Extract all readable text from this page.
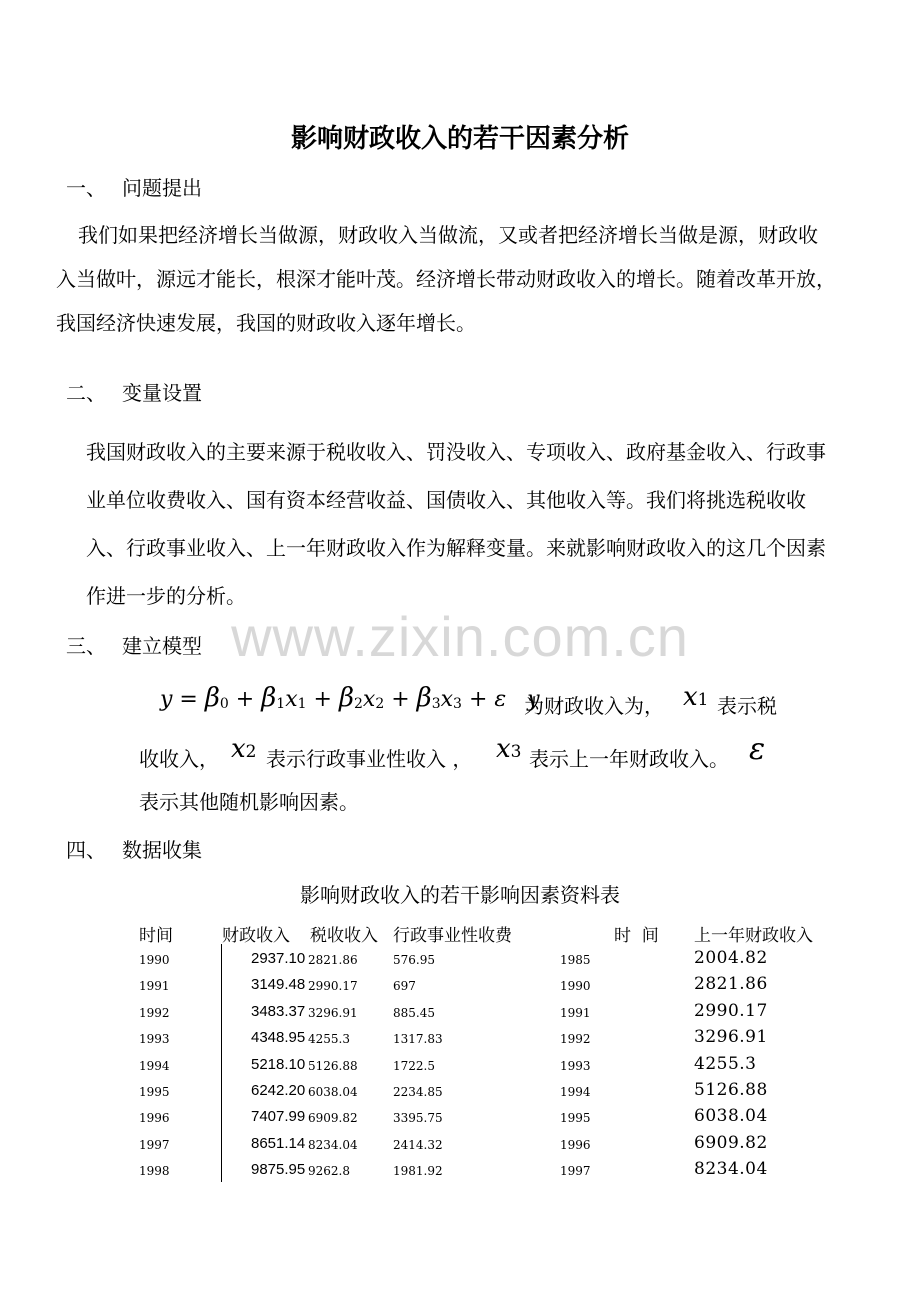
www.zixin.com.cn
影响财政收入的若干因素分析
一、 问题提出
我们如果把经济增长当做源，财政收入当做流，又或者把经济增长当做是源，财政收入当做叶，源远才能长，根深才能叶茂。经济增长带动财政收入的增长。随着改革开放，我国经济快速发展，我国的财政收入逐年增长。
二、 变量设置
我国财政收入的主要来源于税收收入、罚没收入、专项收入、政府基金收入、行政事业单位收费收入、国有资本经营收益、国债收入、其他收入等。我们将挑选税收收入、行政事业收入、上一年财政收入作为解释变量。来就影响财政收入的这几个因素作进一步的分析。
三、 建立模型
$y = \beta_0 + \beta_1x_1 + \beta_2x_2 + \beta_3x_3 + \varepsilon$   y
为财政收入为， x1 表示税
收收入， x2 表示行政事业性收入 ， x3 表示上一年财政收入。 ε
表示其他随机影响因素。
四、 数据收集
影响财政收入的若干影响因素资料表
时间	财政收入 税收收入 行政事业性收费	时  间 上一年财政收入
1990	2937.10 2821.86	576.95	1985	2004.82
1991	3149.48 2990.17	697	1990	2821.86
1992	3483.37 3296.91	885.45	1991	2990.17
1993	4348.95 4255.3	1317.83	1992	3296.91
1994	5218.10 5126.88	1722.5	1993	4255.3
1995	6242.20 6038.04	2234.85	1994	5126.88
1996	7407.99 6909.82	3395.75	1995	6038.04
1997	8651.14 8234.04	2414.32	1996	6909.82
1998	9875.95 9262.8	1981.92	1997	8234.04
